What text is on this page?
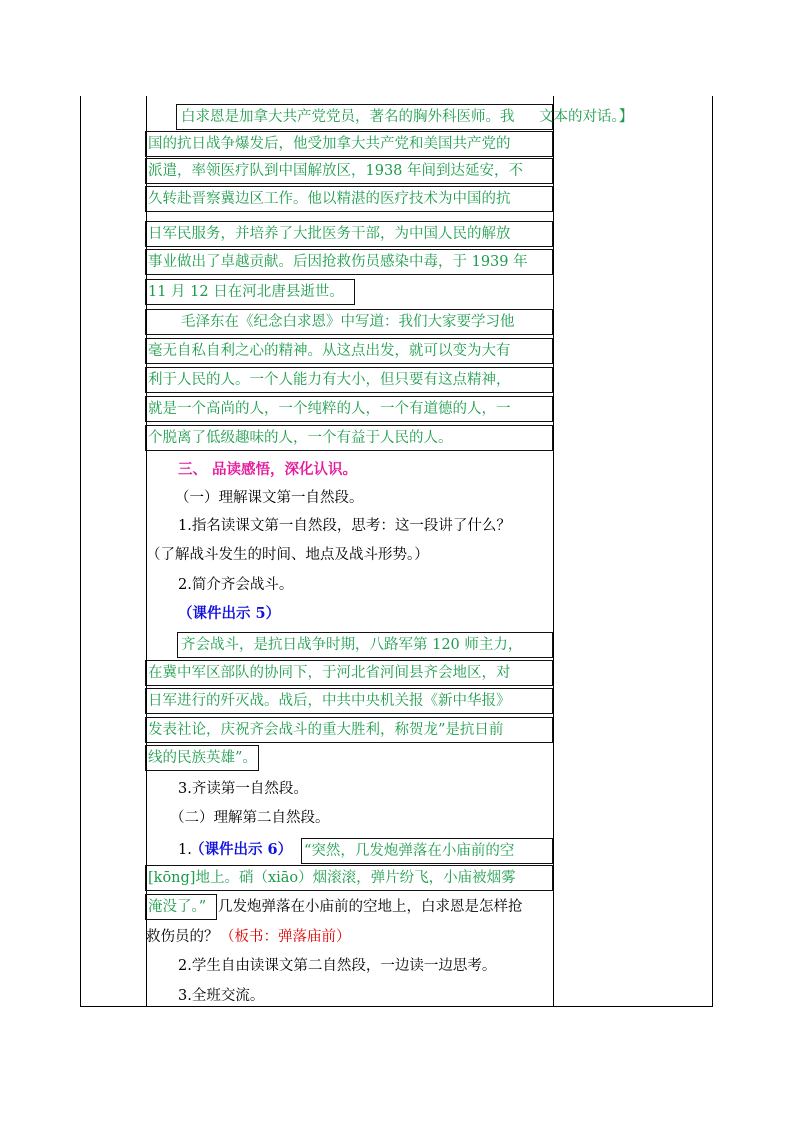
白求恩是加拿大共产党党员，著名的胸外科医师。我 文本的对话。】
国的抗日战争爆发后，他受加拿大共产党和美国共产党的
派遣，率领医疗队到中国解放区，1938 年间到达延安，不
久转赴晋察冀边区工作。他以精湛的医疗技术为中国的抗
日军民服务，并培养了大批医务干部，为中国人民的解放
事业做出了卓越贡献。后因抢救伤员感染中毒，于 1939 年
11 月 12 日在河北唐县逝世。
毛泽东在《纪念白求恩》中写道：我们大家要学习他
毫无自私自利之心的精神。从这点出发，就可以变为大有
利于人民的人。一个人能力有大小，但只要有这点精神，
就是一个高尚的人，一个纯粹的人，一个有道德的人，一
个脱离了低级趣味的人，一个有益于人民的人。
三、 品读感悟，深化认识。
（一）理解课文第一自然段。
1.指名读课文第一自然段，思考：这一段讲了什么？
（了解战斗发生的时间、地点及战斗形势。）
2.简介齐会战斗。
（课件出示 5）
齐会战斗，是抗日战争时期，八路军第 120 师主力，
在冀中军区部队的协同下，于河北省河间县齐会地区，对
日军进行的歼灭战。战后，中共中央机关报《新中华报》
发表社论，庆祝齐会战斗的重大胜利，称贺龙”是抗日前
线的民族英雄”。
3.齐读第一自然段。
（二）理解第二自然段。
1.
（课件出示 6） “突然，几发炮弹落在小庙前的空
[kōng]地上。硝（xiāo）烟滚滚，弹片纷飞，小庙被烟雾
淹没了。” 几发炮弹落在小庙前的空地上，白求恩是怎样抢
救伤员的？ （板书：弹落庙前）
2.学生自由读课文第二自然段，一边读一边思考。
3.全班交流。
